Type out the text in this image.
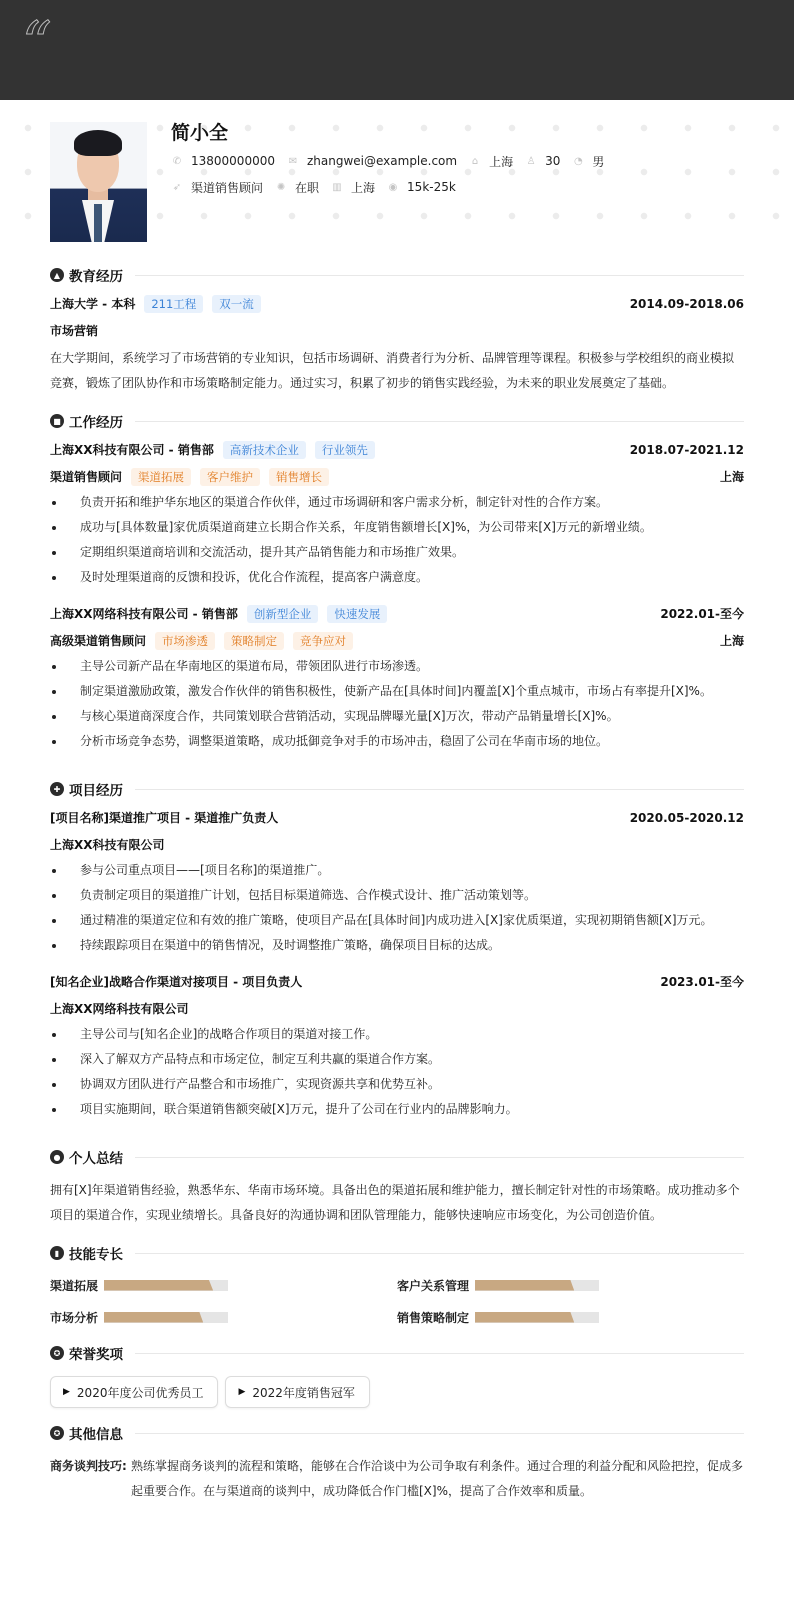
“
简小全
✆ 13800000000 ✉ zhangwei@example.com ⌂ 上海 ♙ 30 ◔ 男
➶ 渠道销售顾问 ✺ 在职 ▥ 上海 ◉ 15k-25k
▲ 教育经历
上海大学 - 本科	211工程	双一流	2014.09-2018.06
市场营销
在大学期间，系统学习了市场营销的专业知识，包括市场调研、消费者行为分析、品牌管理等课程。积极参与学校组织的商业模拟竞赛，锻炼了团队协作和市场策略制定能力。通过实习，积累了初步的销售实践经验，为未来的职业发展奠定了基础。
■ 工作经历
上海XX科技有限公司 - 销售部	高新技术企业	行业领先	2018.07-2021.12
渠道销售顾问	渠道拓展	客户维护	销售增长	上海
负责开拓和维护华东地区的渠道合作伙伴，通过市场调研和客户需求分析，制定针对性的合作方案。
成功与[具体数量]家优质渠道商建立长期合作关系，年度销售额增长[X]%，为公司带来[X]万元的新增业绩。
定期组织渠道商培训和交流活动，提升其产品销售能力和市场推广效果。
及时处理渠道商的反馈和投诉，优化合作流程，提高客户满意度。
上海XX网络科技有限公司 - 销售部	创新型企业	快速发展	2022.01-至今
高级渠道销售顾问	市场渗透	策略制定	竞争应对	上海
主导公司新产品在华南地区的渠道布局，带领团队进行市场渗透。
制定渠道激励政策，激发合作伙伴的销售积极性，使新产品在[具体时间]内覆盖[X]个重点城市，市场占有率提升[X]%。
与核心渠道商深度合作，共同策划联合营销活动，实现品牌曝光量[X]万次，带动产品销量增长[X]%。
分析市场竞争态势，调整渠道策略，成功抵御竞争对手的市场冲击，稳固了公司在华南市场的地位。
✚ 项目经历
[项目名称]渠道推广项目 - 渠道推广负责人	2020.05-2020.12
上海XX科技有限公司
参与公司重点项目——[项目名称]的渠道推广。
负责制定项目的渠道推广计划，包括目标渠道筛选、合作模式设计、推广活动策划等。
通过精准的渠道定位和有效的推广策略，使项目产品在[具体时间]内成功进入[X]家优质渠道，实现初期销售额[X]万元。
持续跟踪项目在渠道中的销售情况，及时调整推广策略，确保项目目标的达成。
[知名企业]战略合作渠道对接项目 - 项目负责人	2023.01-至今
上海XX网络科技有限公司
主导公司与[知名企业]的战略合作项目的渠道对接工作。
深入了解双方产品特点和市场定位，制定互利共赢的渠道合作方案。
协调双方团队进行产品整合和市场推广，实现资源共享和优势互补。
项目实施期间，联合渠道销售额突破[X]万元，提升了公司在行业内的品牌影响力。
● 个人总结
拥有[X]年渠道销售经验，熟悉华东、华南市场环境。具备出色的渠道拓展和维护能力，擅长制定针对性的市场策略。成功推动多个项目的渠道合作，实现业绩增长。具备良好的沟通协调和团队管理能力，能够快速响应市场变化，为公司创造价值。
▮ 技能专长
渠道拓展	客户关系管理
市场分析	销售策略制定
✪ 荣誉奖项
▶ 2020年度公司优秀员工	▶ 2022年度销售冠军
✪ 其他信息
商务谈判技巧: 熟练掌握商务谈判的流程和策略，能够在合作洽谈中为公司争取有利条件。通过合理的利益分配和风险把控，促成多起重要合作。在与渠道商的谈判中，成功降低合作门槛[X]%，提高了合作效率和质量。
